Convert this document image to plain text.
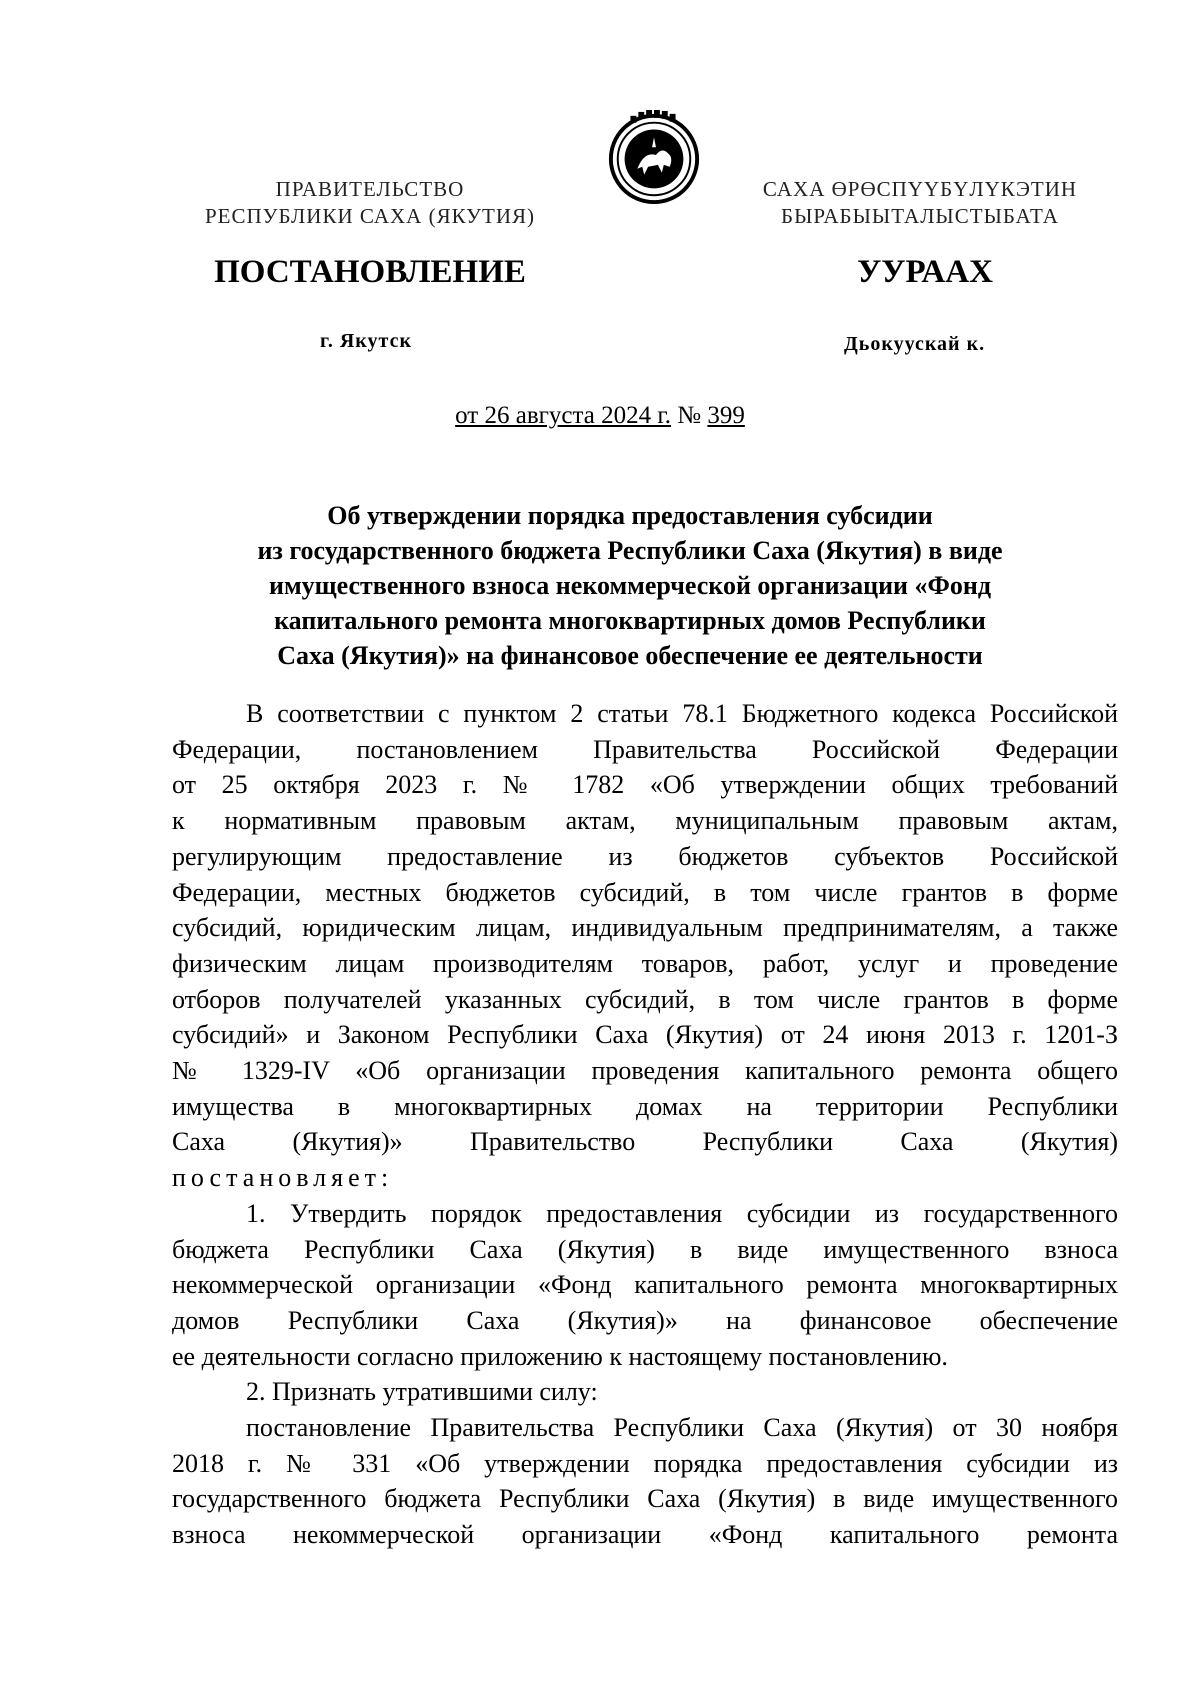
ПРАВИТЕЛЬСТВО
РЕСПУБЛИКИ САХА (ЯКУТИЯ)
САХА ӨРӨСПҮҮБҮЛҮКЭТИН
БЫРАБЫЫТАЛЫСТЫБАТА
ПОСТАНОВЛЕНИЕ	УУРААХ
г. Якутск	Дьокуускай к.
от 26 августа 2024 г. № 399
Об утверждении порядка предоставления субсидии
из государственного бюджета Республики Саха (Якутия) в виде
имущественного взноса некоммерческой организации «Фонд
капитального ремонта многоквартирных домов Республики
Саха (Якутия)» на финансовое обеспечение ее деятельности
В соответствии с пунктом 2 статьи 78.1 Бюджетного кодекса Российской
Федерации, постановлением Правительства Российской Федерации
от 25 октября 2023 г. № 1782 «Об утверждении общих требований
к нормативным правовым актам, муниципальным правовым актам,
регулирующим предоставление из бюджетов субъектов Российской
Федерации, местных бюджетов субсидий, в том числе грантов в форме
субсидий, юридическим лицам, индивидуальным предпринимателям, а также
физическим лицам производителям товаров, работ, услуг и проведение
отборов получателей указанных субсидий, в том числе грантов в форме
субсидий» и Законом Республики Саха (Якутия) от 24 июня 2013 г. 1201-З
№ 1329-IV «Об организации проведения капитального ремонта общего
имущества в многоквартирных домах на территории Республики
Саха (Якутия)» Правительство Республики Саха (Якутия)
постановляет:
1. Утвердить порядок предоставления субсидии из государственного
бюджета Республики Саха (Якутия) в виде имущественного взноса
некоммерческой организации «Фонд капитального ремонта многоквартирных
домов Республики Саха (Якутия)» на финансовое обеспечение
ее деятельности согласно приложению к настоящему постановлению.
2. Признать утратившими силу:
постановление Правительства Республики Саха (Якутия) от 30 ноября
2018 г. № 331 «Об утверждении порядка предоставления субсидии из
государственного бюджета Республики Саха (Якутия) в виде имущественного
взноса некоммерческой организации «Фонд капитального ремонта
